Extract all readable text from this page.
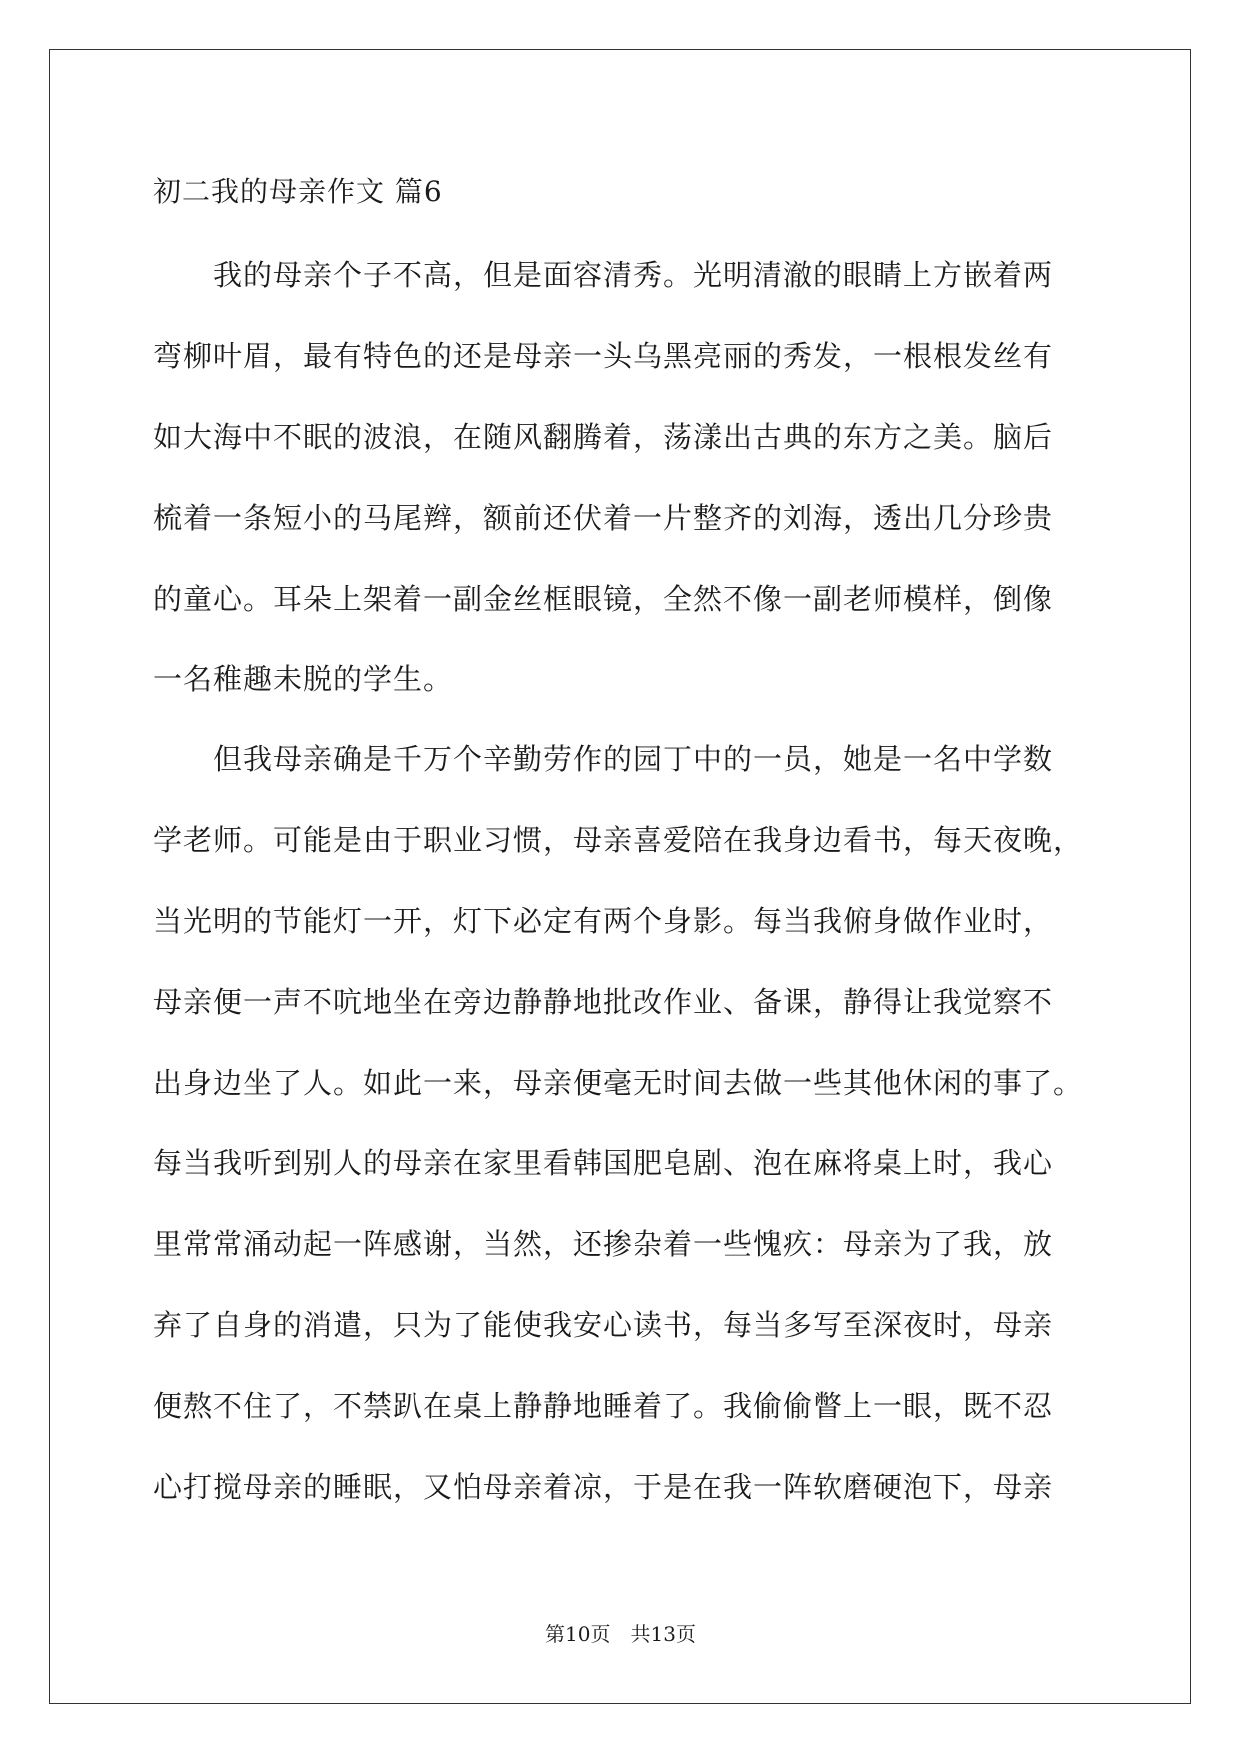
初二我的母亲作文 篇6
　　我的母亲个子不高，但是面容清秀。光明清澈的眼睛上方嵌着两
弯柳叶眉，最有特色的还是母亲一头乌黑亮丽的秀发，一根根发丝有
如大海中不眠的波浪，在随风翻腾着，荡漾出古典的东方之美。脑后
梳着一条短小的马尾辫，额前还伏着一片整齐的刘海，透出几分珍贵
的童心。耳朵上架着一副金丝框眼镜，全然不像一副老师模样，倒像
一名稚趣未脱的学生。
　　但我母亲确是千万个辛勤劳作的园丁中的一员，她是一名中学数
学老师。可能是由于职业习惯，母亲喜爱陪在我身边看书，每天夜晚，
当光明的节能灯一开，灯下必定有两个身影。每当我俯身做作业时，
母亲便一声不吭地坐在旁边静静地批改作业、备课，静得让我觉察不
出身边坐了人。如此一来，母亲便毫无时间去做一些其他休闲的事了。
每当我听到别人的母亲在家里看韩国肥皂剧、泡在麻将桌上时，我心
里常常涌动起一阵感谢，当然，还掺杂着一些愧疚：母亲为了我，放
弃了自身的消遣，只为了能使我安心读书，每当多写至深夜时，母亲
便熬不住了，不禁趴在桌上静静地睡着了。我偷偷瞥上一眼，既不忍
心打搅母亲的睡眠，又怕母亲着凉，于是在我一阵软磨硬泡下，母亲
第10页　共13页
